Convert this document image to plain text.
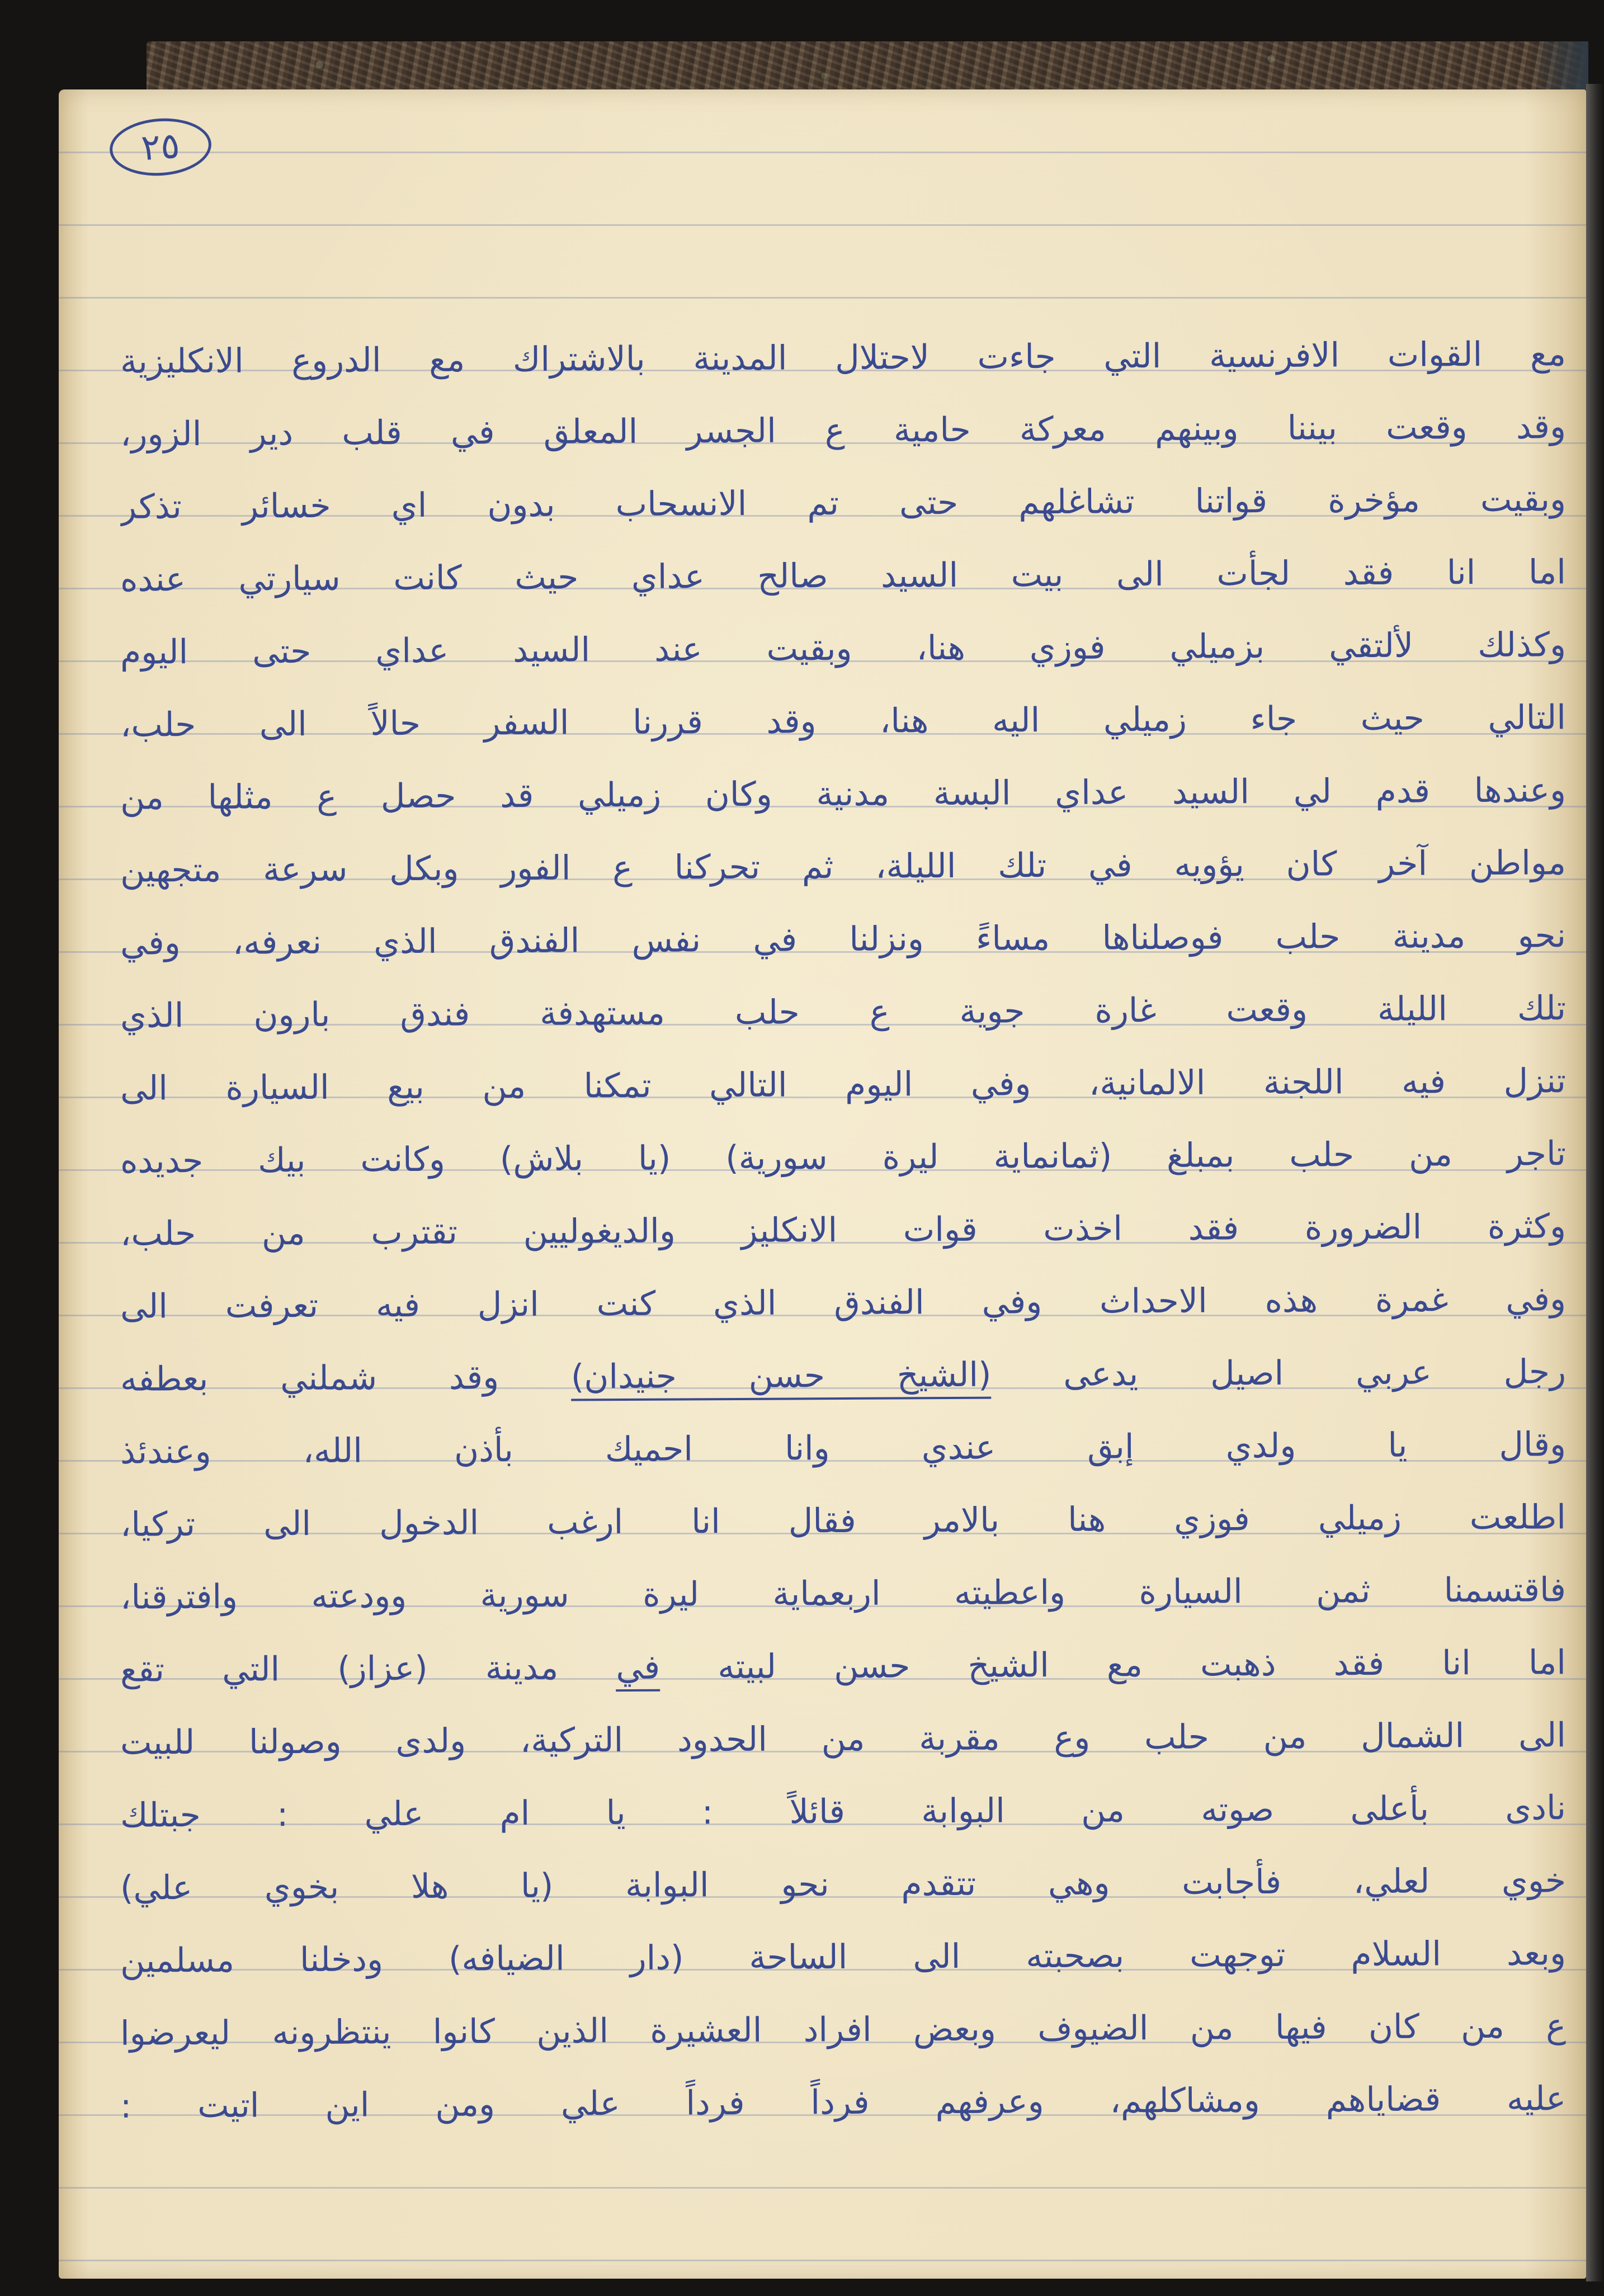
٢٥
مع القوات الافرنسية التي جاءت لاحتلال المدينة بالاشتراك مع الدروع الانكليزية
وقد وقعت بيننا وبينهم معركة حامية ع الجسر المعلق في قلب دير الزور،
وبقيت مؤخرة قواتنا تشاغلهم حتى تم الانسحاب بدون اي خسائر تذكر
اما انا فقد لجأت الى بيت السيد صالح عداي حيث كانت سيارتي عنده
وكذلك لألتقي بزميلي فوزي هنا، وبقيت عند السيد عداي حتى اليوم
التالي حيث جاء زميلي اليه هنا، وقد قررنا السفر حالاً الى حلب،
وعندها قدم لي السيد عداي البسة مدنية وكان زميلي قد حصل ع مثلها من
مواطن آخر كان يؤويه في تلك الليلة، ثم تحركنا ع الفور وبكل سرعة متجهين
نحو مدينة حلب فوصلناها مساءً ونزلنا في نفس الفندق الذي نعرفه، وفي
تلك الليلة وقعت غارة جوية ع حلب مستهدفة فندق بارون الذي
تنزل فيه اللجنة الالمانية، وفي اليوم التالي تمكنا من بيع السيارة الى
تاجر من حلب بمبلغ (ثمانماية ليرة سورية) (يا بلاش) وكانت بيك جديده
وكثرة الضرورة فقد اخذت قوات الانكليز والديغوليين تقترب من حلب،
وفي غمرة هذه الاحداث وفي الفندق الذي كنت انزل فيه تعرفت الى
رجل عربي اصيل يدعى (الشيخ حسن جنيدان) وقد شملني بعطفه
وقال يا ولدي إبق عندي وانا احميك بأذن الله، وعندئذ
اطلعت زميلي فوزي هنا بالامر فقال انا ارغب الدخول الى تركيا،
فاقتسمنا ثمن السيارة واعطيته اربعماية ليرة سورية وودعته وافترقنا،
اما انا فقد ذهبت مع الشيخ حسن لبيته في مدينة (عزاز) التي تقع
الى الشمال من حلب وع مقربة من الحدود التركية، ولدى وصولنا للبيت
نادى بأعلى صوته من البوابة قائلاً : يا ام علي : جبتلك
خوي لعلي، فأجابت وهي تتقدم نحو البوابة (يا هلا بخوي علي)
وبعد السلام توجهت بصحبته الى الساحة (دار الضيافه) ودخلنا مسلمين
ع من كان فيها من الضيوف وبعض افراد العشيرة الذين كانوا ينتظرونه ليعرضوا
عليه قضاياهم ومشاكلهم، وعرفهم فرداً فرداً علي ومن اين اتيت :
